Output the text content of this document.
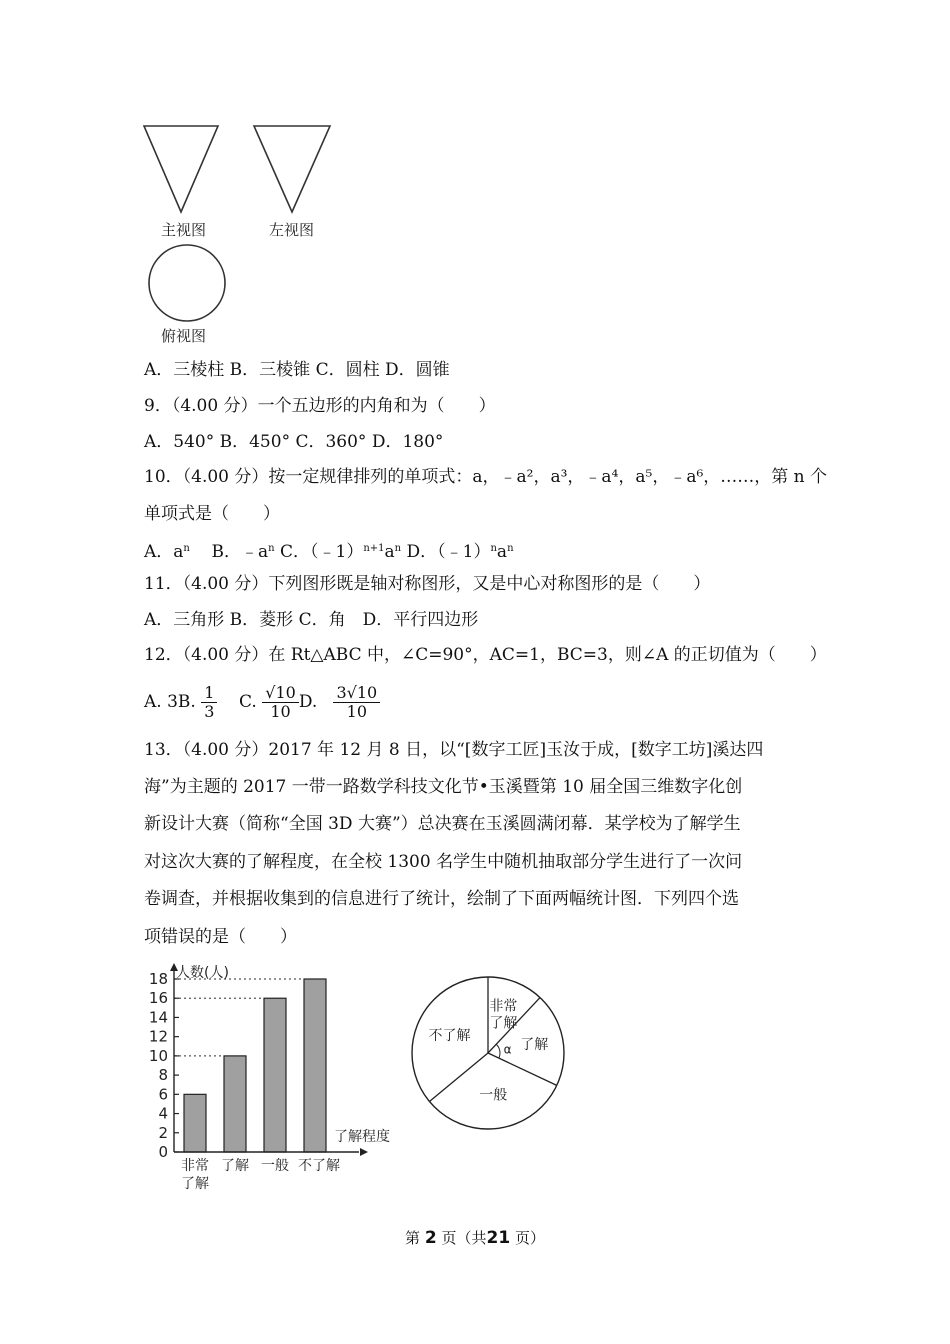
主视图	左视图
俯视图
A．三棱柱 B．三棱锥 C．圆柱 D．圆锥
9．（4.00 分）一个五边形的内角和为（　　）
A．540° B．450° C．360° D．180°
10．（4.00 分）按一定规律排列的单项式：a，﹣a²，a³，﹣a⁴，a⁵，﹣a⁶，……，第 n 个
单项式是（　　）
A．$a^n$ B．$﹣a^n$ C．$(﹣1)^{n+1}a^n$ D．$(﹣1)^na^n$
11．（4.00 分）下列图形既是轴对称图形，又是中心对称图形的是（　　）
A．三角形 B．菱形 C．角　D．平行四边形
12．（4.00 分）在 Rt△ABC 中，∠C=90°，AC=1，BC=3，则∠A 的正切值为（　　）
A. 3B. $\frac{1}{3} C$. $\frac{√10}{10} D$. $\frac{3√10}{10}$
13．（4.00 分）2017 年 12 月 8 日，以“[数字工匠]玉汝于成，[数字工坊]溪达四
海”为主题的 2017 一带一路数学科技文化节•玉溪暨第 10 届全国三维数字化创
新设计大赛（简称“全国 3D 大赛”）总决赛在玉溪圆满闭幕．某学校为了解学生
对这次大赛的了解程度，在全校 1300 名学生中随机抽取部分学生进行了一次问
卷调查，并根据收集到的信息进行了统计，绘制了下面两幅统计图．下列四个选
项错误的是（　　）
0
2
4
6
8
10
12
14
16
18 人数(人)
了解程度
非常
了解
了解 一般 不了解
非常
了解
了解
一般
不了解
α
第 2 页（共21 页）
